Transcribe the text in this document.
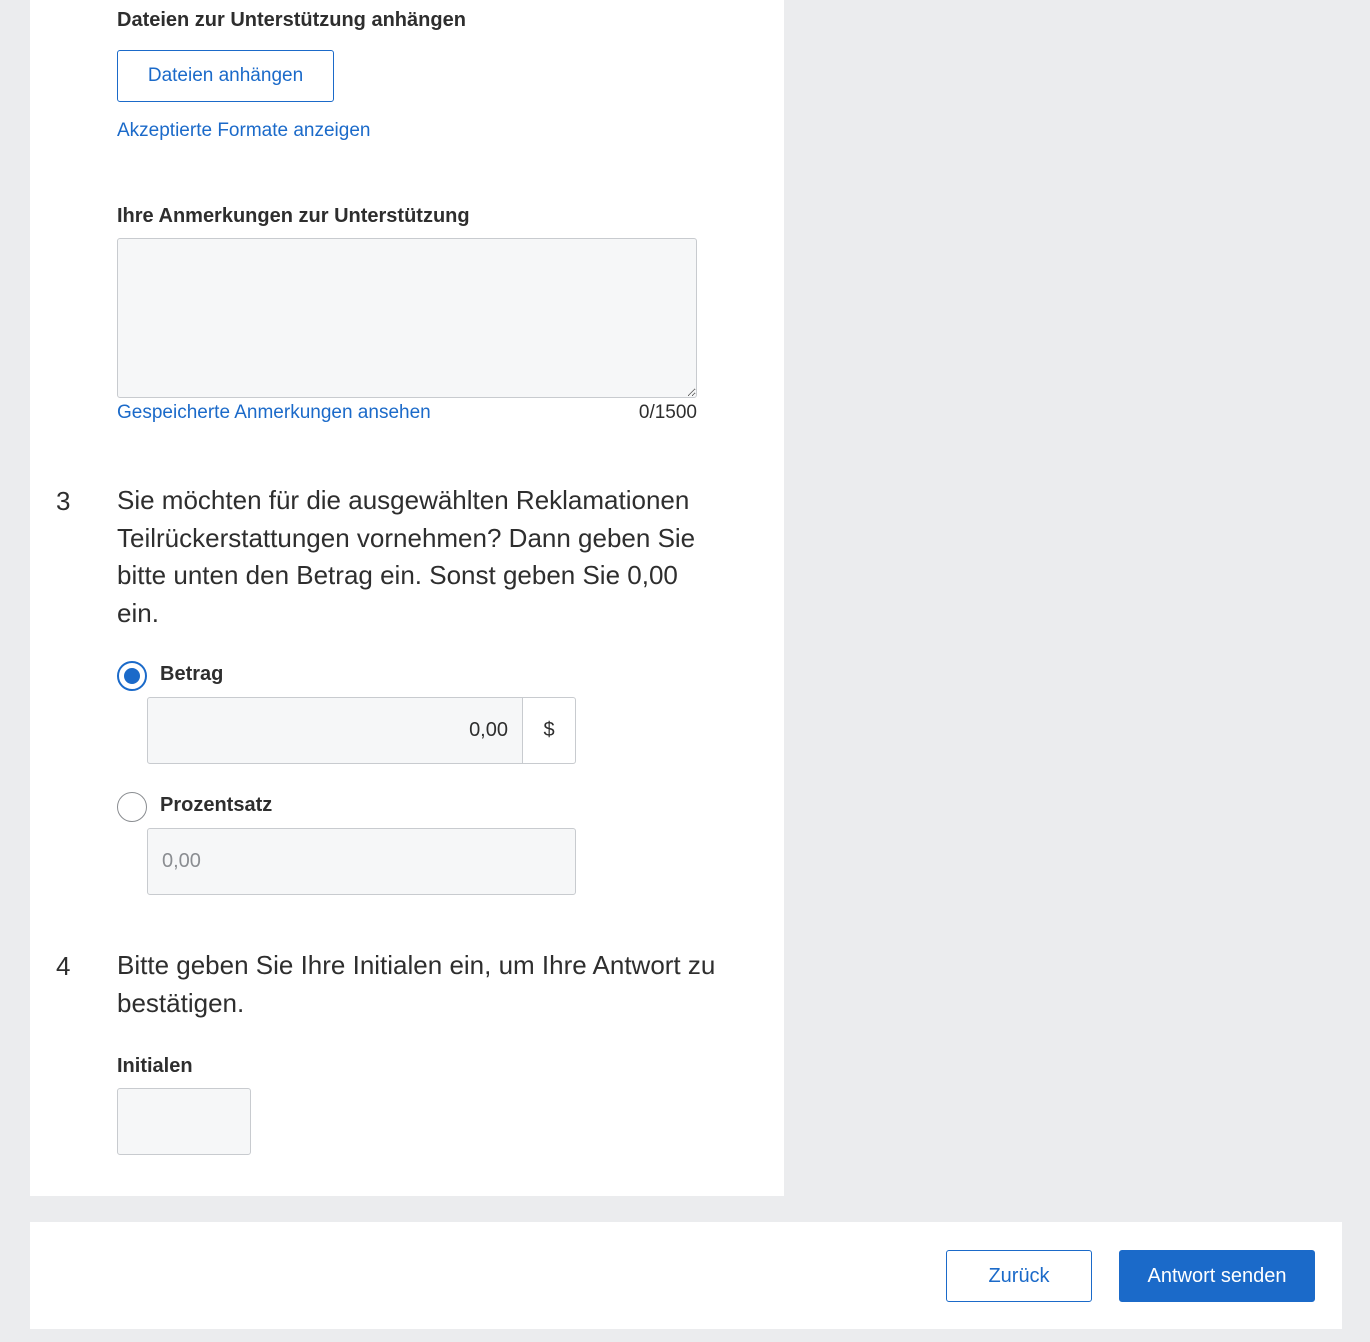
Dateien zur Unterstützung anhängen
Dateien anhängen
Akzeptierte Formate anzeigen
Ihre Anmerkungen zur Unterstützung
Gespeicherte Anmerkungen ansehen	0/1500
3 Sie möchten für die ausgewählten Reklamationen
Teilrückerstattungen vornehmen? Dann geben Sie
bitte unten den Betrag ein. Sonst geben Sie 0,00
ein.
Betrag
0,00
$
Prozentsatz
0,00
4 Bitte geben Sie Ihre Initialen ein, um Ihre Antwort zu
bestätigen.
Initialen
Zurück	Antwort senden
